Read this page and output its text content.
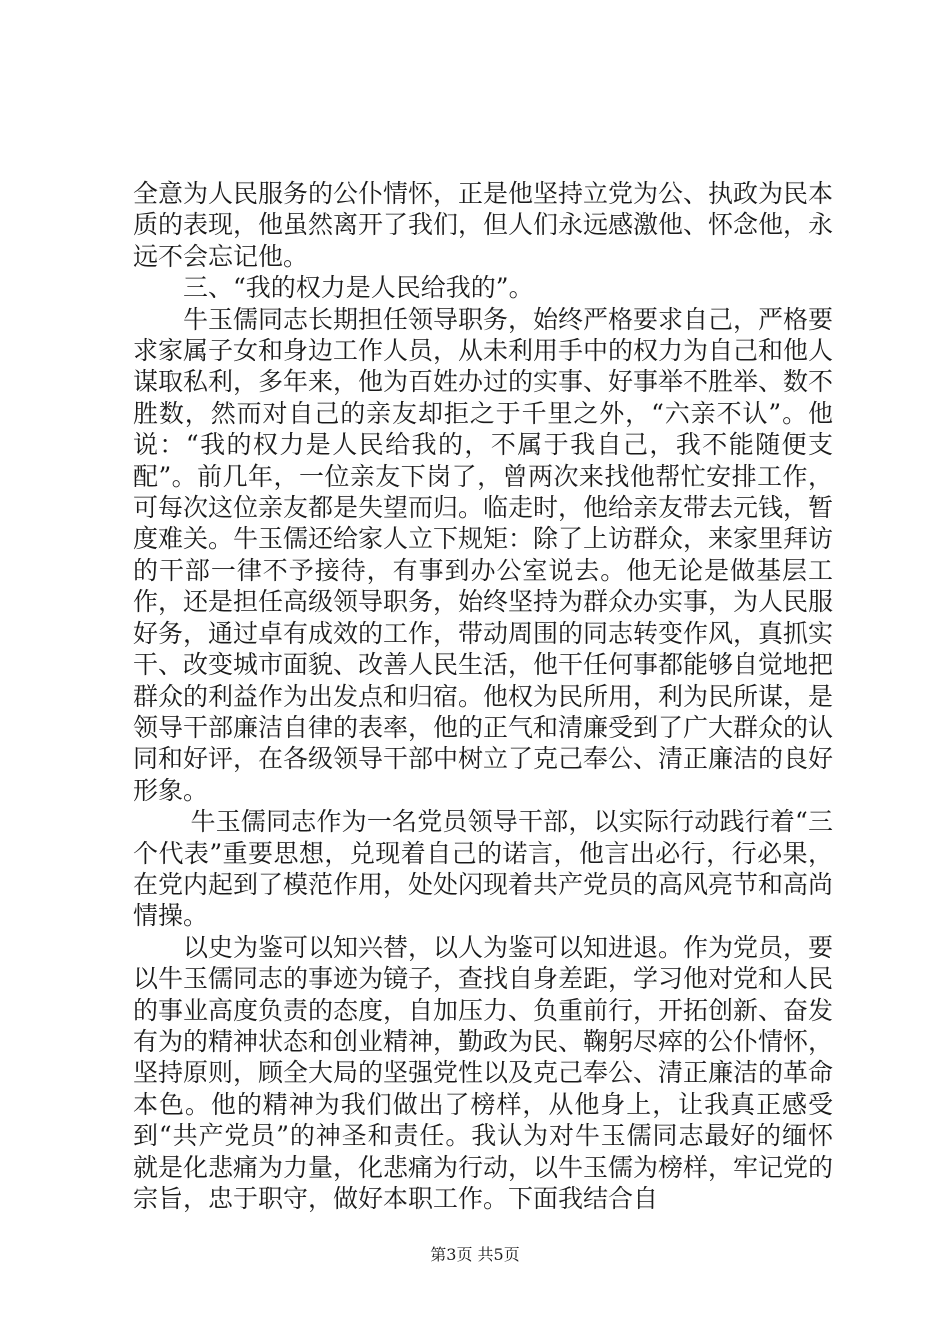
全意为人民服务的公仆情怀，正是他坚持立党为公、执政为民本质的表现，他虽然离开了我们，但人们永远感激他、怀念他，永远不会忘记他。

三、“我的权力是人民给我的”。

牛玉儒同志长期担任领导职务，始终严格要求自己，严格要求家属子女和身边工作人员，从未利用手中的权力为自己和他人谋取私利，多年来，他为百姓办过的实事、好事举不胜举、数不胜数，然而对自己的亲友却拒之于千里之外，“六亲不认”。他说：“我的权力是人民给我的，不属于我自己，我不能随便支配”。前几年，一位亲友下岗了，曾两次来找他帮忙安排工作，可每次这位亲友都是失望而归。临走时，他给亲友带去元钱，暂度难关。牛玉儒还给家人立下规矩：除了上访群众，来家里拜访的干部一律不予接待，有事到办公室说去。他无论是做基层工作，还是担任高级领导职务，始终坚持为群众办实事，为人民服好务，通过卓有成效的工作，带动周围的同志转变作风，真抓实干、改变城市面貌、改善人民生活，他干任何事都能够自觉地把群众的利益作为出发点和归宿。他权为民所用，利为民所谋，是领导干部廉洁自律的表率，他的正气和清廉受到了广大群众的认同和好评，在各级领导干部中树立了克己奉公、清正廉洁的良好形象。

牛玉儒同志作为一名党员领导干部，以实际行动践行着“三个代表”重要思想，兑现着自己的诺言，他言出必行，行必果，在党内起到了模范作用，处处闪现着共产党员的高风亮节和高尚情操。

以史为鉴可以知兴替，以人为鉴可以知进退。作为党员，要以牛玉儒同志的事迹为镜子，查找自身差距，学习他对党和人民的事业高度负责的态度，自加压力、负重前行，开拓创新、奋发有为的精神状态和创业精神，勤政为民、鞠躬尽瘁的公仆情怀，坚持原则，顾全大局的坚强党性以及克己奉公、清正廉洁的革命本色。他的精神为我们做出了榜样，从他身上，让我真正感受到“共产党员”的神圣和责任。我认为对牛玉儒同志最好的缅怀就是化悲痛为力量，化悲痛为行动，以牛玉儒为榜样，牢记党的宗旨，忠于职守，做好本职工作。下面我结合自

第3页 共5页
